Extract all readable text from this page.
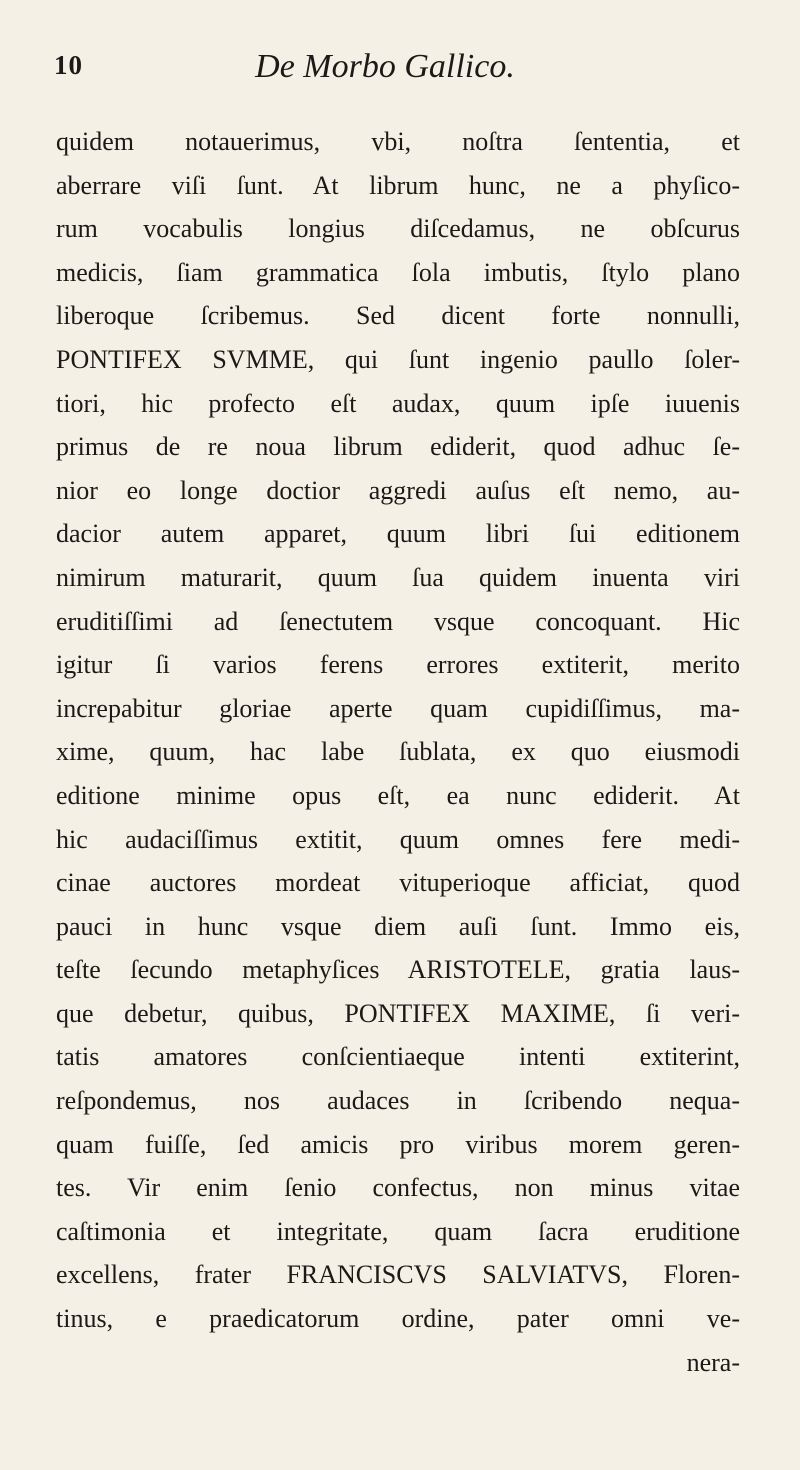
10	De Morbo Gallico.
quidem notauerimus, vbi, noſtra ſententia, et
aberrare viſi ſunt. At librum hunc, ne a phyſico-
rum vocabulis longius diſcedamus, ne obſcurus
medicis, ſiam grammatica ſola imbutis, ſtylo plano
liberoque ſcribemus. Sed dicent forte nonnulli,
PONTIFEX SVMME, qui ſunt ingenio paullo ſoler-
tiori, hic profecto eſt audax, quum ipſe iuuenis
primus de re noua librum ediderit, quod adhuc ſe-
nior eo longe doctior aggredi auſus eſt nemo, au-
dacior autem apparet, quum libri ſui editionem
nimirum maturarit, quum ſua quidem inuenta viri
eruditiſſimi ad ſenectutem vsque concoquant. Hic
igitur ſi varios ferens errores extiterit, merito
increpabitur gloriae aperte quam cupidiſſimus, ma-
xime, quum, hac labe ſublata, ex quo eiusmodi
editione minime opus eſt, ea nunc ediderit. At
hic audaciſſimus extitit, quum omnes fere medi-
cinae auctores mordeat vituperioque afficiat, quod
pauci in hunc vsque diem auſi ſunt. Immo eis,
teſte ſecundo metaphyſices ARISTOTELE, gratia laus-
que debetur, quibus, PONTIFEX MAXIME, ſi veri-
tatis amatores conſcientiaeque intenti extiterint,
reſpondemus, nos audaces in ſcribendo nequa-
quam fuiſſe, ſed amicis pro viribus morem geren-
tes. Vir enim ſenio confectus, non minus vitae
caſtimonia et integritate, quam ſacra eruditione
excellens, frater FRANCISCVS SALVIATVS, Floren-
tinus, e praedicatorum ordine, pater omni ve-
nera-
